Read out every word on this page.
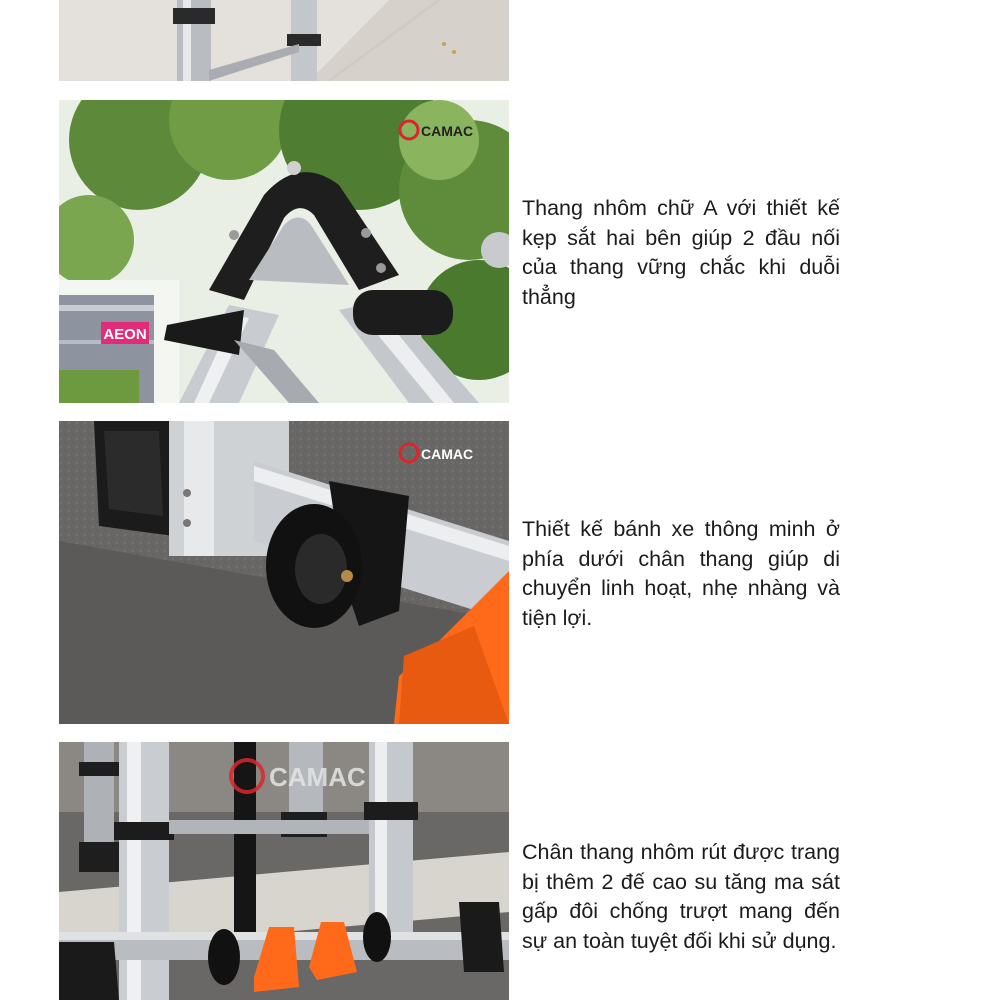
AEON
CAMAC
CAMAC
CAMAC
Thang nhôm chữ A với thiết kế kẹp sắt hai bên giúp 2 đầu nối của thang vững chắc khi duỗi thẳng
Thiết kế bánh xe thông minh ở phía dưới chân thang giúp di chuyển linh hoạt, nhẹ nhàng và tiện lợi.
Chân thang nhôm rút được trang bị thêm 2 đế cao su tăng ma sát gấp đôi chống trượt mang đến sự an toàn tuyệt đối khi sử dụng.
